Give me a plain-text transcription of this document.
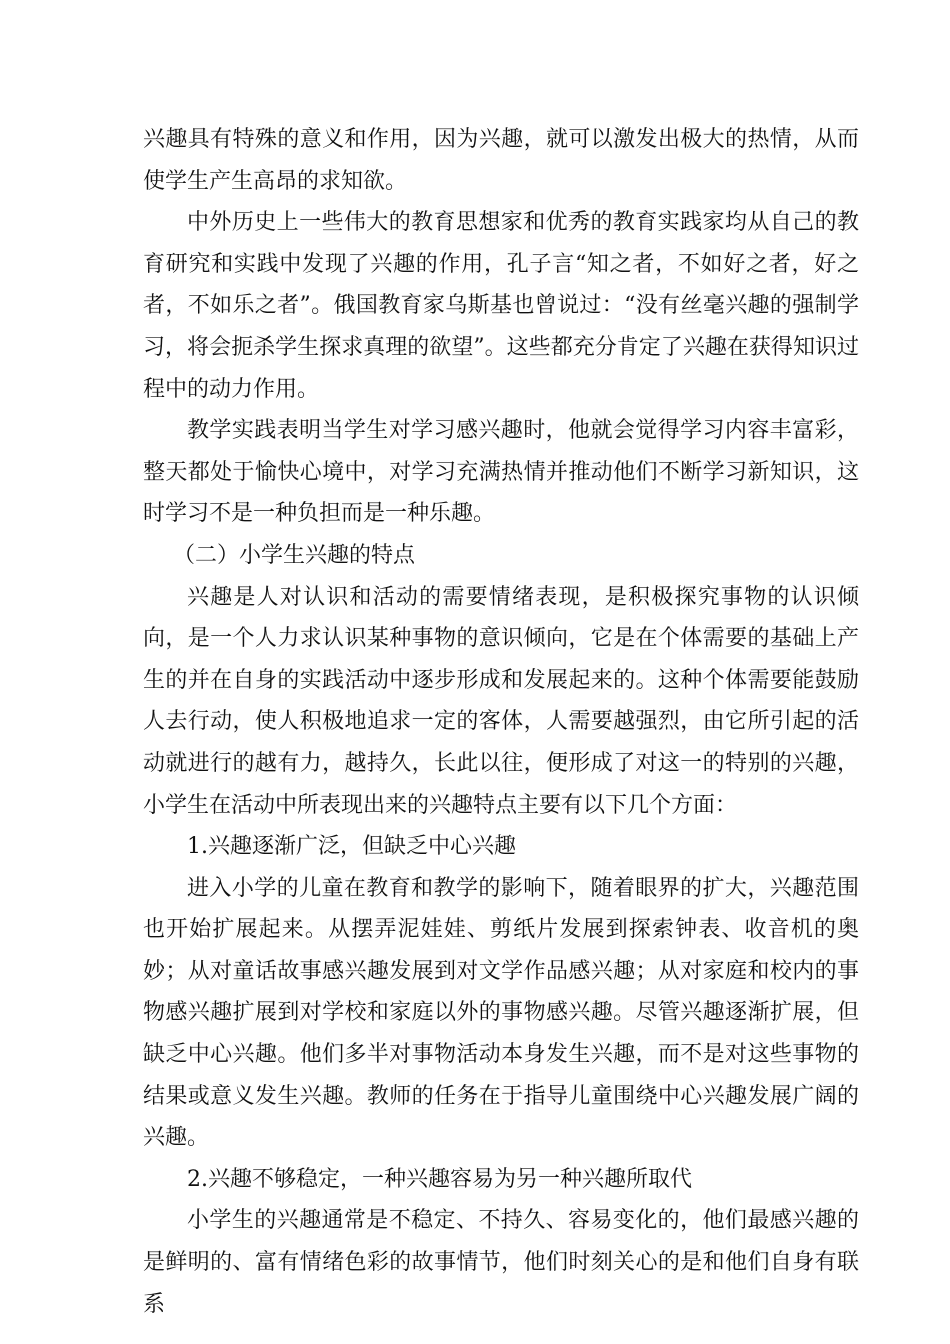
兴趣具有特殊的意义和作用，因为兴趣，就可以激发出极大的热情，从而使学生产生高昂的求知欲。

中外历史上一些伟大的教育思想家和优秀的教育实践家均从自己的教育研究和实践中发现了兴趣的作用，孔子言“知之者，不如好之者，好之者，不如乐之者”。俄国教育家乌斯基也曾说过：“没有丝毫兴趣的强制学习，将会扼杀学生探求真理的欲望”。这些都充分肯定了兴趣在获得知识过程中的动力作用。

教学实践表明当学生对学习感兴趣时，他就会觉得学习内容丰富彩，整天都处于愉快心境中，对学习充满热情并推动他们不断学习新知识，这时学习不是一种负担而是一种乐趣。

（二）小学生兴趣的特点

兴趣是人对认识和活动的需要情绪表现，是积极探究事物的认识倾向，是一个人力求认识某种事物的意识倾向，它是在个体需要的基础上产生的并在自身的实践活动中逐步形成和发展起来的。这种个体需要能鼓励人去行动，使人积极地追求一定的客体，人需要越强烈，由它所引起的活动就进行的越有力，越持久，长此以往，便形成了对这一的特别的兴趣，小学生在活动中所表现出来的兴趣特点主要有以下几个方面：

1.兴趣逐渐广泛，但缺乏中心兴趣

进入小学的儿童在教育和教学的影响下，随着眼界的扩大，兴趣范围也开始扩展起来。从摆弄泥娃娃、剪纸片发展到探索钟表、收音机的奥妙；从对童话故事感兴趣发展到对文学作品感兴趣；从对家庭和校内的事物感兴趣扩展到对学校和家庭以外的事物感兴趣。尽管兴趣逐渐扩展，但缺乏中心兴趣。他们多半对事物活动本身发生兴趣，而不是对这些事物的结果或意义发生兴趣。教师的任务在于指导儿童围绕中心兴趣发展广阔的兴趣。

2.兴趣不够稳定，一种兴趣容易为另一种兴趣所取代

小学生的兴趣通常是不稳定、不持久、容易变化的，他们最感兴趣的是鲜明的、富有情绪色彩的故事情节，他们时刻关心的是和他们自身有联系
